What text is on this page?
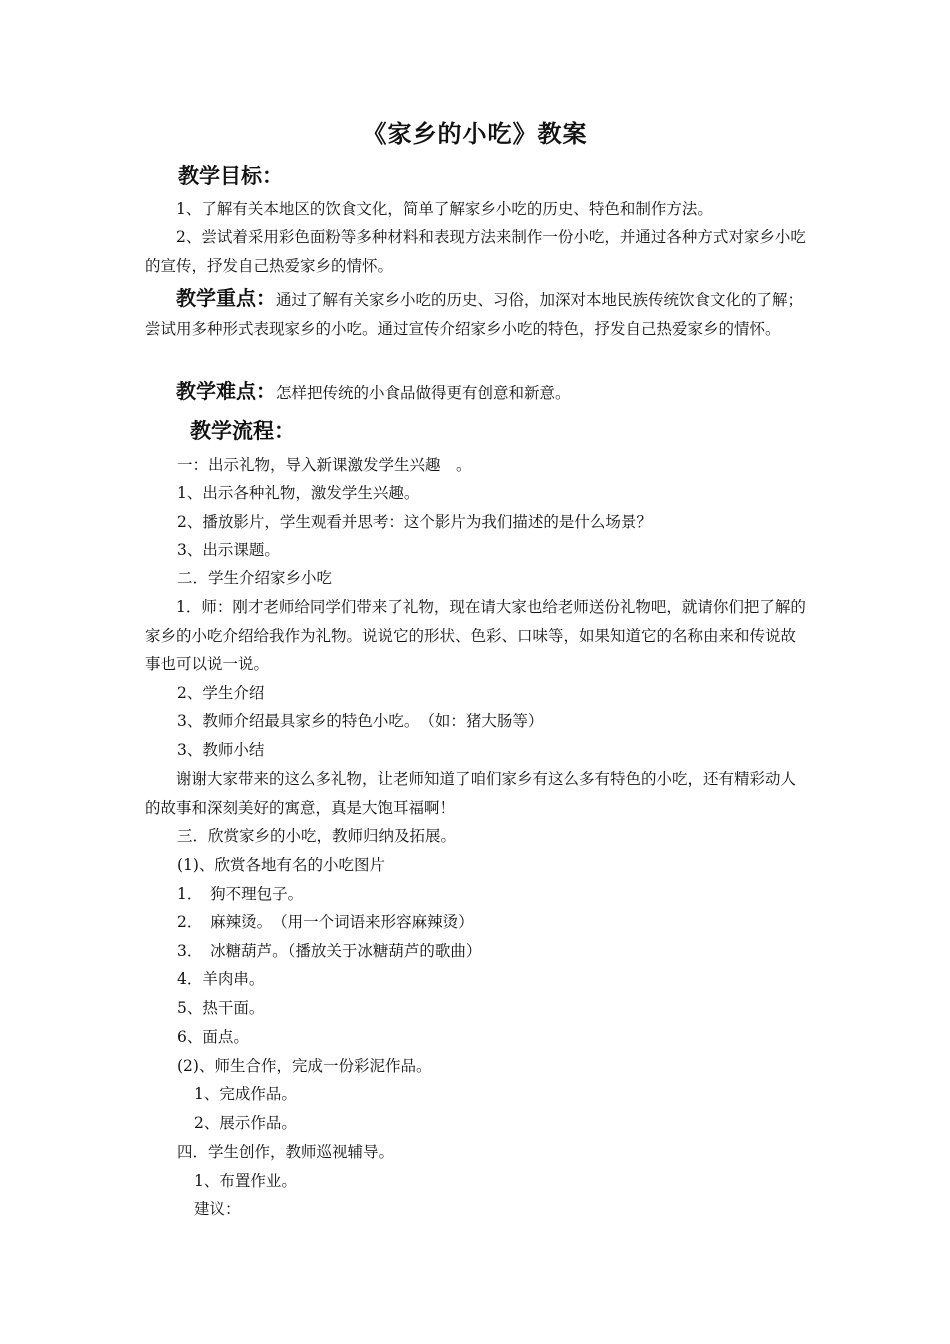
《家乡的小吃》教案
教学目标：
1、了解有关本地区的饮食文化，简单了解家乡小吃的历史、特色和制作方法。
2、尝试着采用彩色面粉等多种材料和表现方法来制作一份小吃，并通过各种方式对家乡小吃的宣传，抒发自己热爱家乡的情怀。
教学重点：通过了解有关家乡小吃的历史、习俗，加深对本地民族传统饮食文化的了解；尝试用多种形式表现家乡的小吃。通过宣传介绍家乡小吃的特色，抒发自己热爱家乡的情怀。
教学难点：怎样把传统的小食品做得更有创意和新意。
教学流程：
一：出示礼物，导入新课激发学生兴趣　。
1、出示各种礼物，激发学生兴趣。
2、播放影片，学生观看并思考：这个影片为我们描述的是什么场景？
3、出示课题。
二．学生介绍家乡小吃
1．师：刚才老师给同学们带来了礼物，现在请大家也给老师送份礼物吧，就请你们把了解的家乡的小吃介绍给我作为礼物。说说它的形状、色彩、口味等，如果知道它的名称由来和传说故事也可以说一说。
2、学生介绍
3、教师介绍最具家乡的特色小吃。　（如：猪大肠等）
3、教师小结
谢谢大家带来的这么多礼物，让老师知道了咱们家乡有这么多有特色的小吃，还有精彩动人的故事和深刻美好的寓意，真是大饱耳福啊！
三．欣赏家乡的小吃，教师归纳及拓展。
(1)、欣赏各地有名的小吃图片
1．　狗不理包子。
2．　麻辣烫。　（用一个词语来形容麻辣烫）
3．　冰糖葫芦。（播放关于冰糖葫芦的歌曲）
4．羊肉串。
5、热干面。
6、面点。
(2)、师生合作，完成一份彩泥作品。
1、完成作品。
2、展示作品。
四．学生创作，教师巡视辅导。
1、布置作业。
建议：
